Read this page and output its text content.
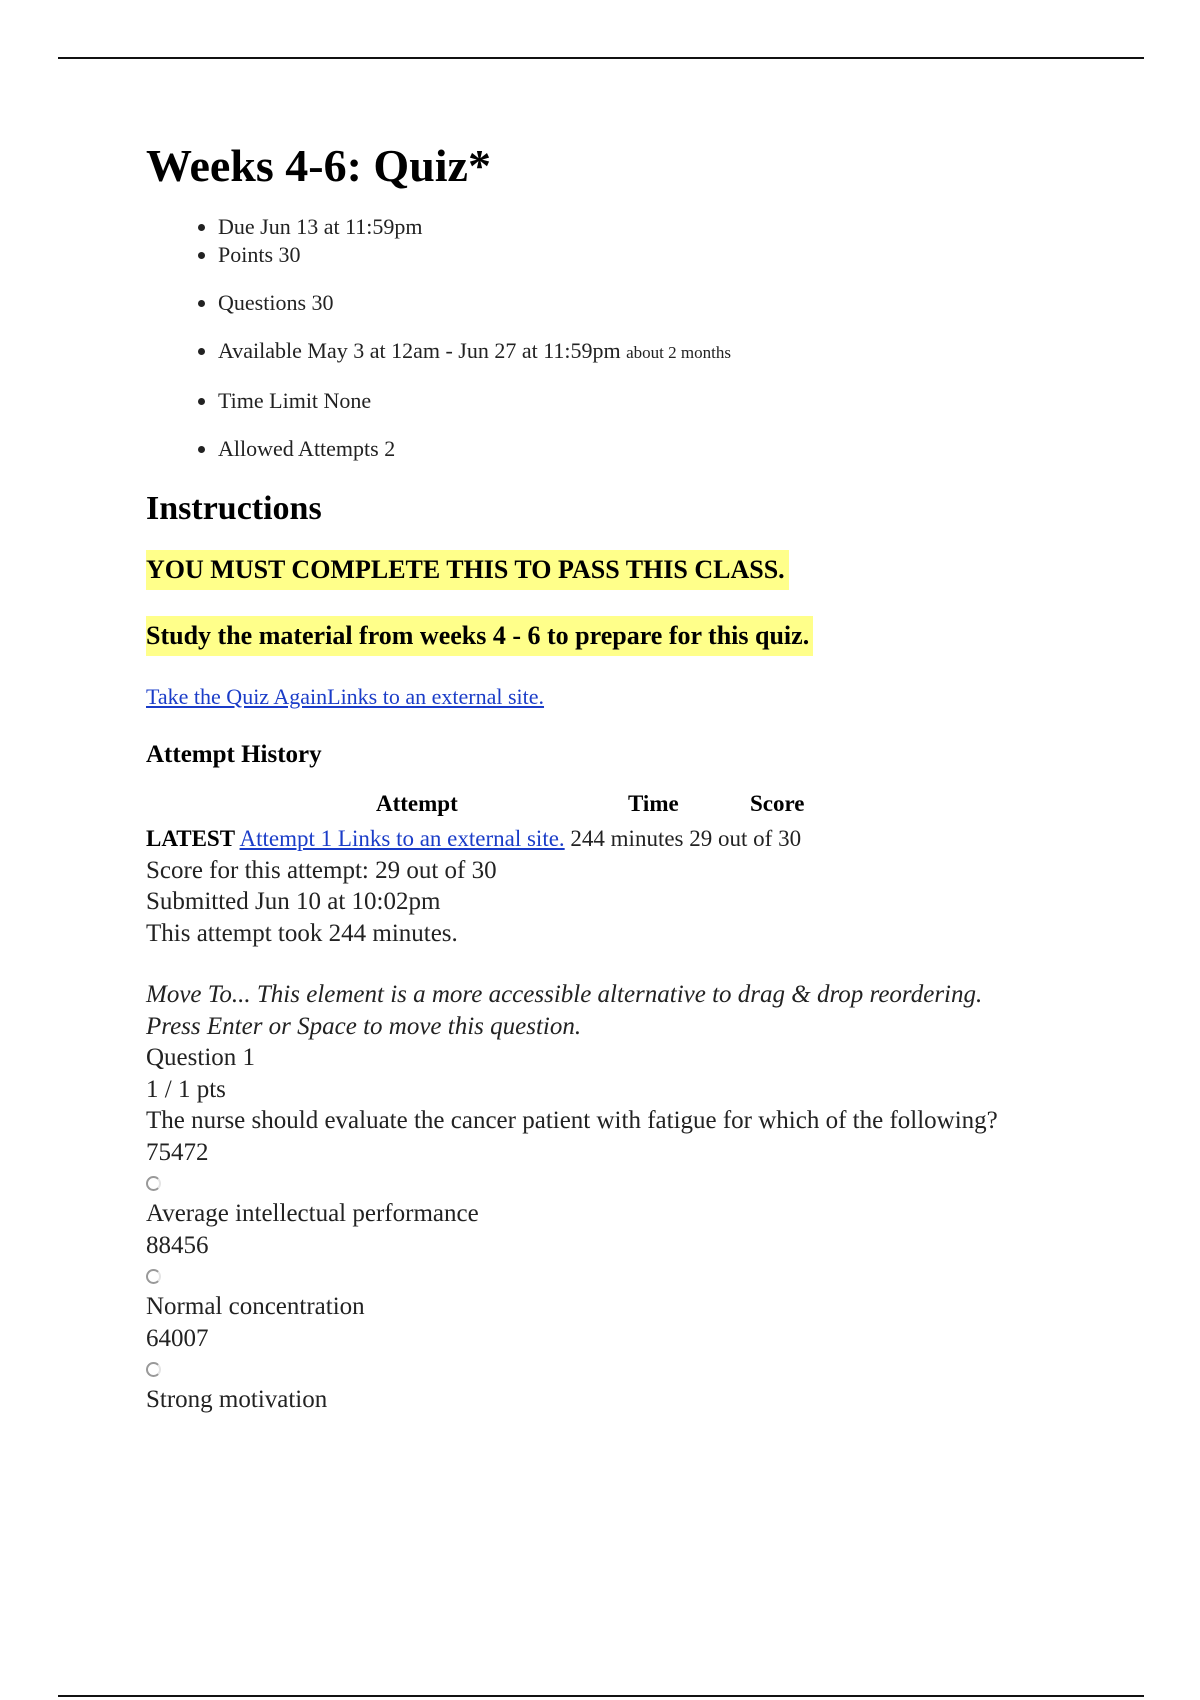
Weeks 4-6: Quiz*
• Due Jun 13 at 11:59pm
• Points 30
• Questions 30
• Available May 3 at 12am - Jun 27 at 11:59pm about 2 months
• Time Limit None
• Allowed Attempts 2
Instructions
YOU MUST COMPLETE THIS TO PASS THIS CLASS.
Study the material from weeks 4 - 6 to prepare for this quiz.
Take the Quiz AgainLinks to an external site.
Attempt History
Attempt	Time	Score
LATEST Attempt 1 Links to an external site. 244 minutes 29 out of 30
Score for this attempt: 29 out of 30
Submitted Jun 10 at 10:02pm
This attempt took 244 minutes.
Move To... This element is a more accessible alternative to drag & drop reordering.
Press Enter or Space to move this question.
Question 1
1 / 1 pts
The nurse should evaluate the cancer patient with fatigue for which of the following?
75472
Average intellectual performance
88456
Normal concentration
64007
Strong motivation
